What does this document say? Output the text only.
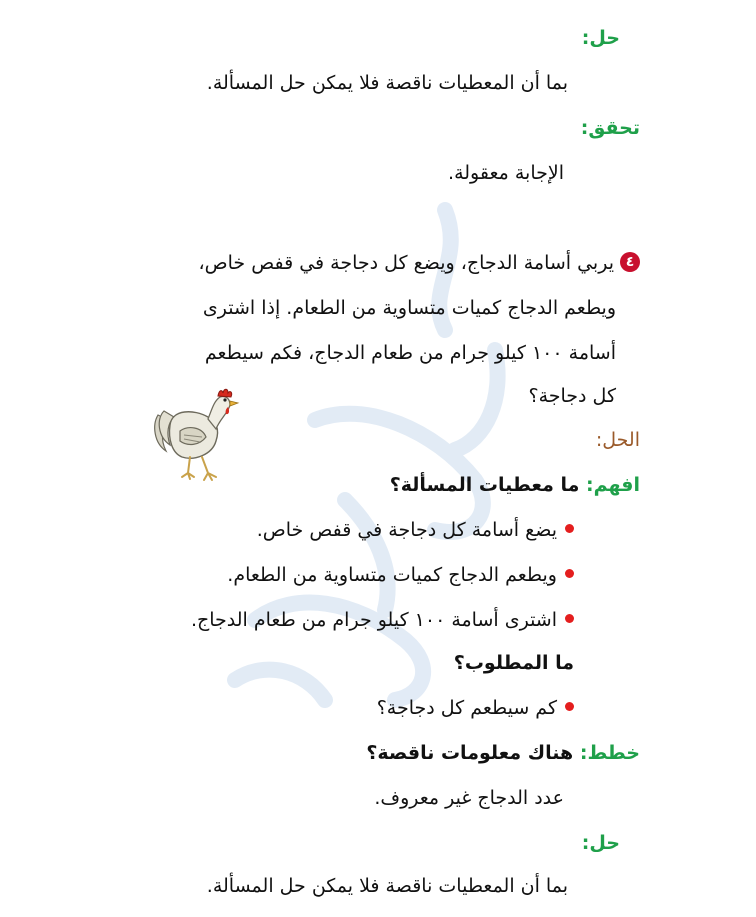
حل:
بما أن المعطيات ناقصة فلا يمكن حل المسألة.
تحقق:
الإجابة معقولة.
٤يربي أسامة الدجاج، ويضع كل دجاجة في قفص خاص،
ويطعم الدجاج كميات متساوية من الطعام. إذا اشترى
أسامة ١٠٠ كيلو جرام من طعام الدجاج، فكم سيطعم
كل دجاجة؟
الحل:
افهم: ما معطيات المسألة؟
يضع أسامة كل دجاجة في قفص خاص.
ويطعم الدجاج كميات متساوية من الطعام.
اشترى أسامة ١٠٠ كيلو جرام من طعام الدجاج.
ما المطلوب؟
كم سيطعم كل دجاجة؟
خطط: هناك معلومات ناقصة؟
عدد الدجاج غير معروف.
حل:
بما أن المعطيات ناقصة فلا يمكن حل المسألة.
